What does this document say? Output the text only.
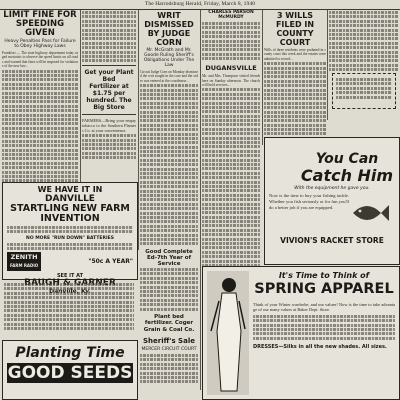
The Harrodsburg Herald, Friday, March 8, 1940
LIMIT FINE FOR SPEEDING GIVEN
Heavy Penalties Pass for Failure to Obey Highway Laws
Frankfort — The state highway department today urged motorists to observe the speed limits on all roads and warned that fines will be imposed for violations of the new law...
Get your Plant Bed
Fertilizer at $1.75 per
hundred. The Big Store
FARMERS—Bring your empty tobacco to the Southern Planters Co. at your convenience.
WRIT DISMISSED BY JUDGE CORN
Mr. McGrath and Mr. Goode Ruling Sheriff's Obligations Under The Law
Circuit Judge Corn on Monday dismissed the writ sought in the case and the order was entered at the courthouse...
CHARLES PARSON McMURDY
DUGANSVILLE
Mr. and Mrs. Thompson visited friends here on Sunday afternoon. The church will hold services...
3 WILLS FILED IN COUNTY COURT
Wills of three residents were probated in county court this week and the estates were admitted to record...
WE HAVE IT IN
DANVILLE
STARTLING NEW FARM INVENTION
NO MORE "RUN DOWN" BATTERIES
ZENITH
FARM RADIO
"50c A YEAR"
SEE IT AT
Planting Time
GOOD SEEDS
Good Complete Ed-7th Year of Service
Plant bed fertilizer. Coger Grain & Coal Co.
Sheriff's Sale
MERCER CIRCUIT COURT
You Can
Catch Him
With the equipment he gave you.
Now is the time to buy your fishing tackle. Whether you fish seriously or for fun you'll do a better job if you are equipped.
VIVION'S RACKET STORE
It's Time to Think of
SPRING APPAREL
Think of your Winter wardrobe, and our values! Now is the time to take advantage of our many values at Baker Dept. Store.
DRESSES—Silks in all the new shades. All sizes.
